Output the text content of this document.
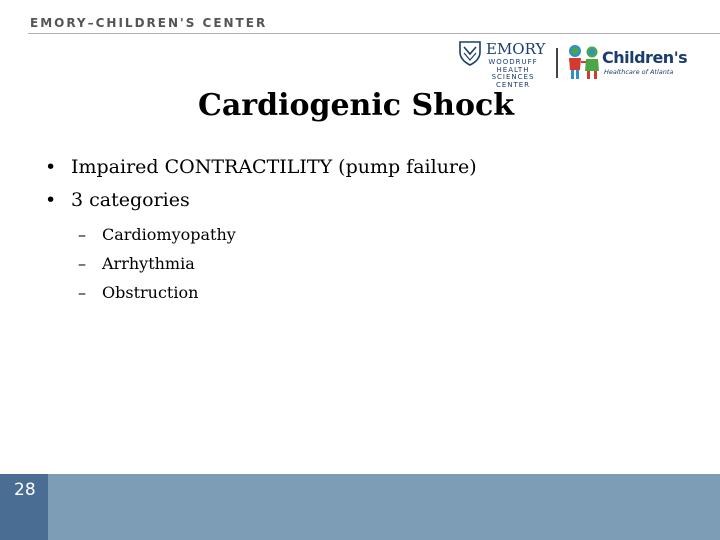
EMORY–CHILDREN'S CENTER
EMORY
WOODRUFF
HEALTH
SCIENCES
CENTER
Children's
Healthcare of Atlanta
Cardiogenic Shock
• Impaired CONTRACTILITY (pump failure)
• 3 categories
– Cardiomyopathy
– Arrhythmia
– Obstruction
28
